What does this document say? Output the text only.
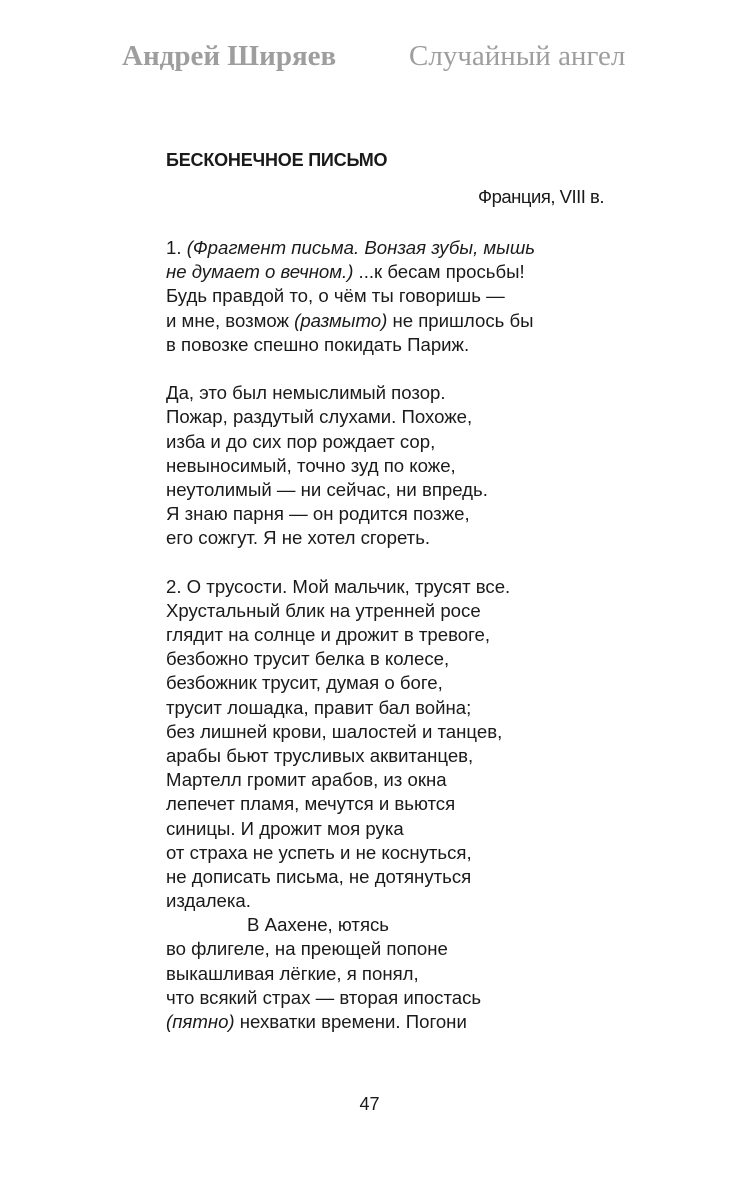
Андрей Ширяев	Случайный ангел
БЕСКОНЕЧНОЕ ПИСЬМО
Франция, VIII в.
1. (Фрагмент письма. Вонзая зубы, мышь
не думает о вечном.) ...к бесам просьбы!
Будь правдой то, о чём ты говоришь —
и мне, возмож (размыто) не пришлось бы
в повозке спешно покидать Париж.
Да, это был немыслимый позор.
Пожар, раздутый слухами. Похоже,
изба и до сих пор рождает сор,
невыносимый, точно зуд по коже,
неутолимый — ни сейчас, ни впредь.
Я знаю парня — он родится позже,
его сожгут. Я не хотел сгореть.
2. О трусости. Мой мальчик, трусят все.
Хрустальный блик на утренней росе
глядит на солнце и дрожит в тревоге,
безбожно трусит белка в колесе,
безбожник трусит, думая о боге,
трусит лошадка, правит бал война;
без лишней крови, шалостей и танцев,
арабы бьют трусливых аквитанцев,
Мартелл громит арабов, из окна
лепечет пламя, мечутся и вьются
синицы. И дрожит моя рука
от страха не успеть и не коснуться,
не дописать письма, не дотянуться
издалека.
В Аахене, ютясь
во флигеле, на преющей попоне
выкашливая лёгкие, я понял,
что всякий страх — вторая ипостась
(пятно) нехватки времени. Погони
47
